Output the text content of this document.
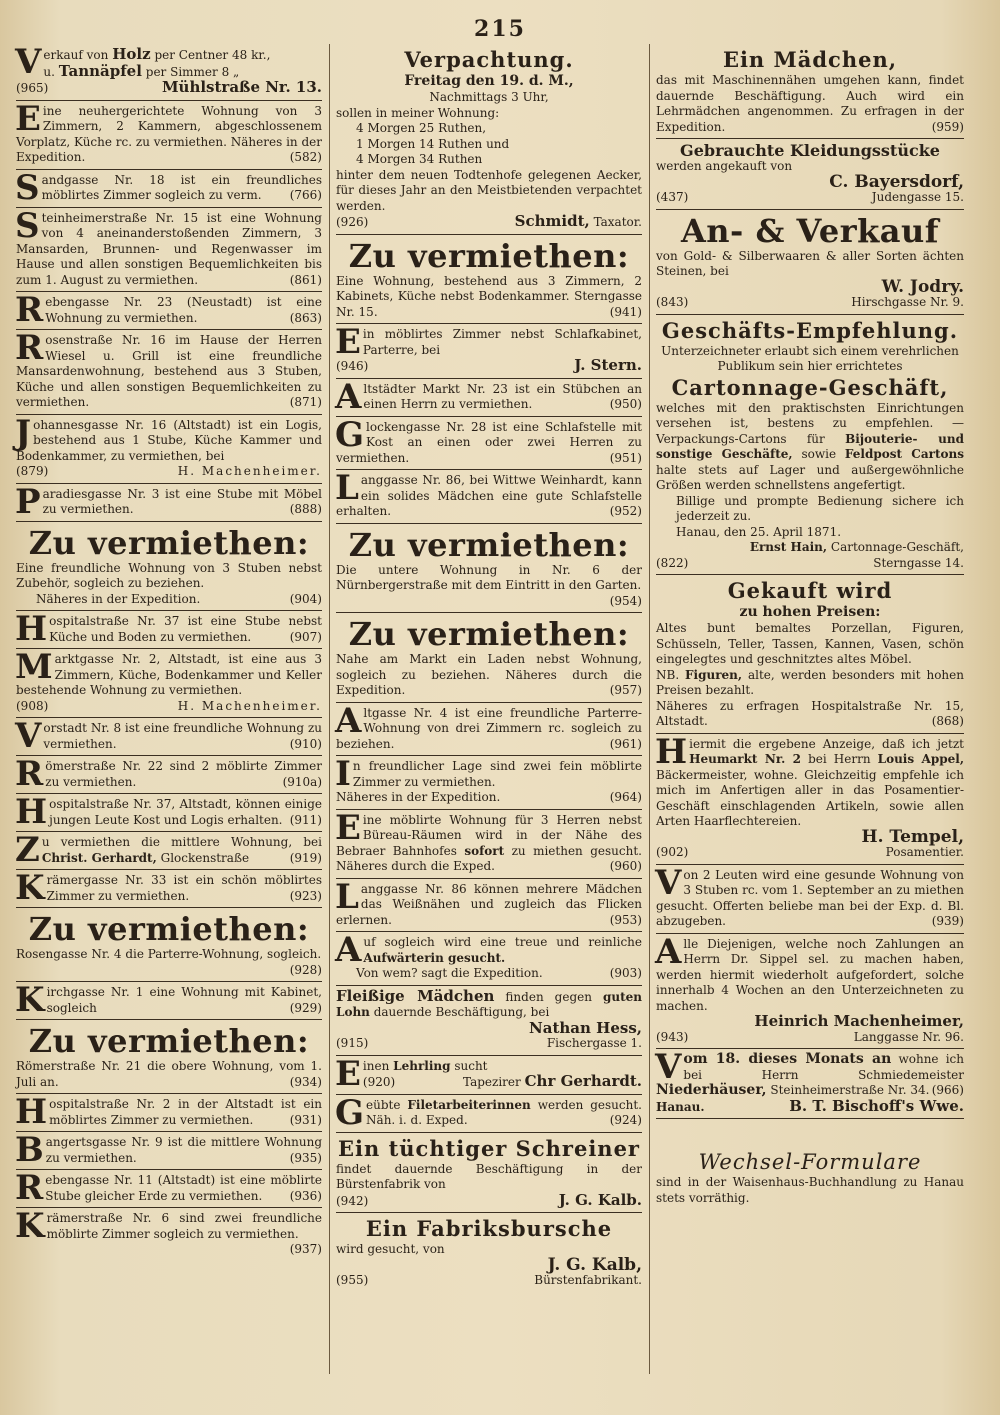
215
V erkauf von Holz per Centner 48 kr.,

u. Tannäpfel per Simmer 8 „

(965)	Mühlstraße Nr. 13.
Eine neuhergerichtete Wohnung von 3 Zimmern, 2 Kammern, abgeschlossenem Vorplatz, Küche rc. zu vermiethen. Näheres in der Expedition.	(582)
Sandgasse Nr. 18 ist ein freundliches möblirtes Zimmer sogleich zu verm. (766)
Steinheimerstraße Nr. 15 ist eine Wohnung von 4 aneinanderstoßenden Zimmern, 3 Mansarden, Brunnen- und Regenwasser im Hause und allen sonstigen Bequemlichkeiten bis zum 1. August zu vermiethen.	(861)
Rebengasse Nr. 23 (Neustadt) ist eine Wohnung zu vermiethen.	(863)
Rosenstraße Nr. 16 im Hause der Herren Wiesel u. Grill ist eine freundliche Mansardenwohnung, bestehend aus 3 Stuben, Küche und allen sonstigen Bequemlichkeiten zu vermiethen.	(871)
Johannesgasse Nr. 16 (Altstadt) ist ein Logis, bestehend aus 1 Stube, Küche Kammer und Bodenkammer, zu vermiethen, bei
(879)	H. Machenheimer.
Paradiesgasse Nr. 3 ist eine Stube mit Möbel zu vermiethen.	(888)

Zu vermiethen:

Eine freundliche Wohnung von 3 Stuben nebst Zubehör, sogleich zu beziehen.

Näheres in der Expedition.	(904)
Hospitalstraße Nr. 37 ist eine Stube nebst Küche und Boden zu vermiethen.	(907)
Marktgasse Nr. 2, Altstadt, ist eine aus 3 Zimmern, Küche, Bodenkammer und Keller bestehende Wohnung zu vermiethen.
(908)	H. Machenheimer.
Vorstadt Nr. 8 ist eine freundliche Wohnung zu vermiethen.	(910)
Römerstraße Nr. 22 sind 2 möblirte Zimmer zu vermiethen.	(910a)
Hospitalstraße Nr. 37, Altstadt, können einige jungen Leute Kost und Logis erhalten. (911)
Zu vermiethen die mittlere Wohnung, bei Christ. Gerhardt, Glockenstraße	(919)
Krämergasse Nr. 33 ist ein schön möblirtes Zimmer zu vermiethen.	(923)

Zu vermiethen:

Rosengasse Nr. 4 die Parterre-Wohnung, sogleich.
(928)
Kirchgasse Nr. 1 eine Wohnung mit Kabinet, sogleich	(929)

Zu vermiethen:

Römerstraße Nr. 21 die obere Wohnung, vom 1. Juli an.	(934)
Hospitalstraße Nr. 2 in der Altstadt ist ein möblirtes Zimmer zu vermiethen.	(931)
Bangertsgasse Nr. 9 ist die mittlere Wohnung zu vermiethen.	(935)
Rebengasse Nr. 11 (Altstadt) ist eine möblirte Stube gleicher Erde zu vermiethen. (936)
Krämerstraße Nr. 6 sind zwei freundliche möblirte Zimmer sogleich zu vermiethen.
(937)

Verpachtung.

Freitag den 19. d. M.,

Nachmittags 3 Uhr,

sollen in meiner Wohnung:

4 Morgen 25 Ruthen,

1 Morgen 14 Ruthen und

4 Morgen 34 Ruthen

hinter dem neuen Todtenhofe gelegenen Aecker, für dieses Jahr an den Meistbietenden verpachtet werden.

(926)	Schmidt, Taxator.

Zu vermiethen:

Eine Wohnung, bestehend aus 3 Zimmern, 2 Kabinets, Küche nebst Bodenkammer. Sterngasse Nr. 15.	(941)
Ein möblirtes Zimmer nebst Schlafkabinet, Parterre, bei
(946)	J. Stern.
Altstädter Markt Nr. 23 ist ein Stübchen an einen Herrn zu vermiethen.	(950)
Glockengasse Nr. 28 ist eine Schlafstelle mit Kost an einen oder zwei Herren zu vermiethen.	(951)
Langgasse Nr. 86, bei Wittwe Weinhardt, kann ein solides Mädchen eine gute Schlafstelle erhalten.	(952)

Zu vermiethen:

Die untere Wohnung in Nr. 6 der Nürnbergerstraße mit dem Eintritt in den Garten.
(954)

Zu vermiethen:

Nahe am Markt ein Laden nebst Wohnung, sogleich zu beziehen. Näheres durch die Expedition.	(957)
Altgasse Nr. 4 ist eine freundliche Parterre-Wohnung von drei Zimmern rc. sogleich zu beziehen.	(961)
In freundlicher Lage sind zwei fein möblirte Zimmer zu vermiethen.
Näheres in der Expedition.	(964)
Eine möblirte Wohnung für 3 Herren nebst Büreau-Räumen wird in der Nähe des Bebraer Bahnhofes sofort zu miethen gesucht. Näheres durch die Exped.	(960)
Langgasse Nr. 86 können mehrere Mädchen das Weißnähen und zugleich das Flicken erlernen.	(953)
Auf sogleich wird eine treue und reinliche Aufwärterin gesucht.
Von wem? sagt die Expedition.	(903)

Fleißige Mädchen finden gegen guten Lohn dauernde Beschäftigung, bei
Nathan Hess,

(915)	Fischergasse 1.
Einen Lehrling sucht
(920)	Tapezirer Chr Gerhardt.
Geübte Filetarbeiterinnen werden gesucht. Näh. i. d. Exped.	(924)

Ein tüchtiger Schreiner

findet dauernde Beschäftigung in der Bürstenfabrik von

(942)	J. G. Kalb.

Ein Fabriksbursche

wird gesucht, von

J. G. Kalb,

(955)	Bürstenfabrikant.

Ein Mädchen,

das mit Maschinennähen umgehen kann, findet dauernde Beschäftigung. Auch wird ein Lehrmädchen angenommen. Zu erfragen in der Expedition.	(959)

Gebrauchte Kleidungsstücke

werden angekauft von

C. Bayersdorf,

(437)	Judengasse 15.

An- & Verkauf

von Gold- & Silberwaaren & aller Sorten ächten Steinen, bei

W. Jodry.

(843)	Hirschgasse Nr. 9.

Geschäfts-Empfehlung.

Unterzeichneter erlaubt sich einem verehrlichen Publikum sein hier errichtetes

Cartonnage-Geschäft,

welches mit den praktischsten Einrichtungen versehen ist, bestens zu empfehlen. — Verpackungs-Cartons für Bijouterie- und sonstige Geschäfte, sowie Feldpost Cartons halte stets auf Lager und außergewöhnliche Größen werden schnellstens angefertigt.

Billige und prompte Bedienung sichere ich jederzeit zu.

Hanau, den 25. April 1871.

Ernst Hain, Cartonnage-Geschäft,

(822)	Sterngasse 14.

Gekauft wird

zu hohen Preisen:

Altes bunt bemaltes Porzellan, Figuren, Schüsseln, Teller, Tassen, Kannen, Vasen, schön eingelegtes und geschnitztes altes Möbel.

NB. Figuren, alte, werden besonders mit hohen Preisen bezahlt.

Näheres zu erfragen Hospitalstraße Nr. 15, Altstadt.	(868)
Hiermit die ergebene Anzeige, daß ich jetzt Heumarkt Nr. 2 bei Herrn Louis Appel, Bäckermeister, wohne. Gleichzeitig empfehle ich mich im Anfertigen aller in das Posamentier-Geschäft einschlagenden Artikeln, sowie allen Arten Haarflechtereien.

H. Tempel,

(902)	Posamentier.
Von 2 Leuten wird eine gesunde Wohnung von 3 Stuben rc. vom 1. September an zu miethen gesucht. Offerten beliebe man bei der Exp. d. Bl. abzugeben.	(939)
Alle Diejenigen, welche noch Zahlungen an Herrn Dr. Sippel sel. zu machen haben, werden hiermit wiederholt aufgefordert, solche innerhalb 4 Wochen an den Unterzeichneten zu machen.

Heinrich Machenheimer,

(943)	Langgasse Nr. 96.
Vom 18. dieses Monats an wohne ich bei Herrn Schmiedemeister Niederhäuser, Steinheimerstraße Nr. 34. (966)
Hanau.	B. T. Bischoff's Wwe.

Wechsel-Formulare

sind in der Waisenhaus-Buchhandlung zu Hanau stets vorräthig.
